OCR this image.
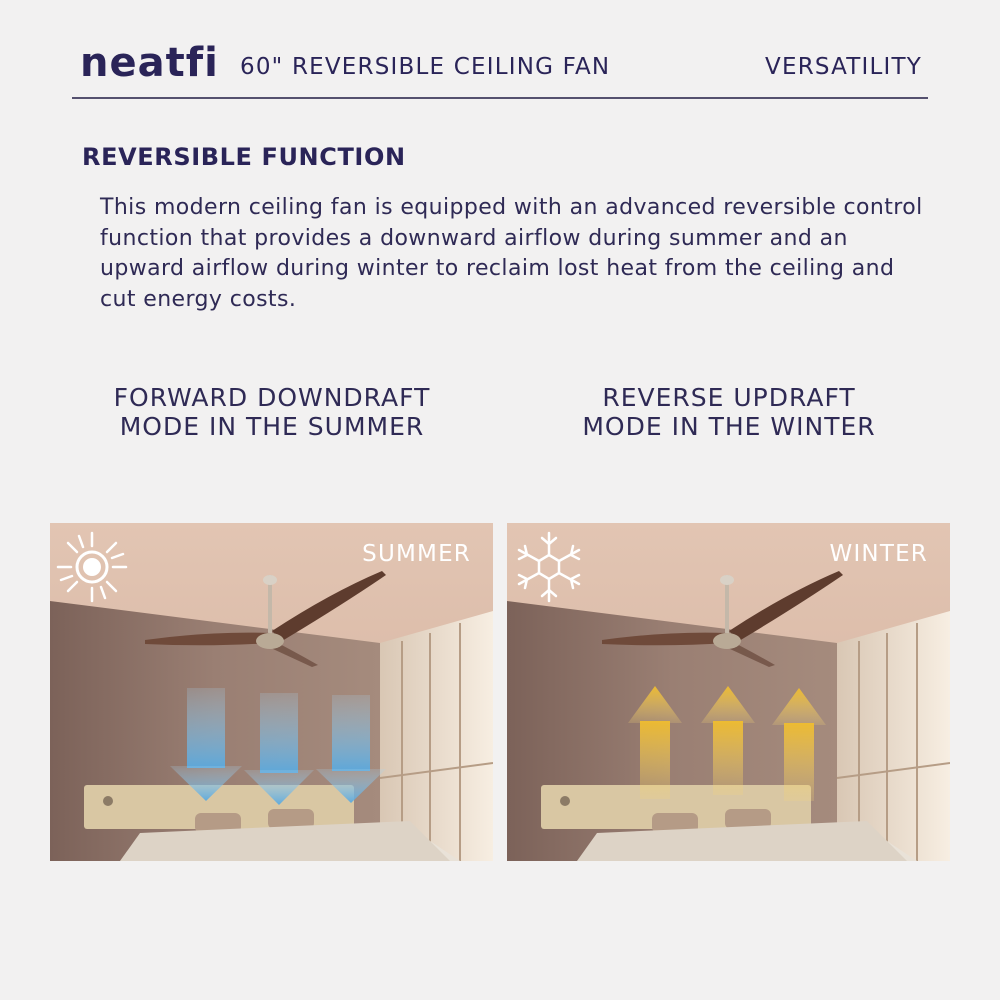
neatfi 60" REVERSIBLE CEILING FAN	VERSATILITY
REVERSIBLE FUNCTION
This modern ceiling fan is equipped with an advanced reversible control function that provides a downward airflow during summer and an upward airflow during winter to reclaim lost heat from the ceiling and cut energy costs.
FORWARD DOWNDRAFT
MODE IN THE SUMMER
REVERSE UPDRAFT
MODE IN THE WINTER
SUMMER	WINTER
